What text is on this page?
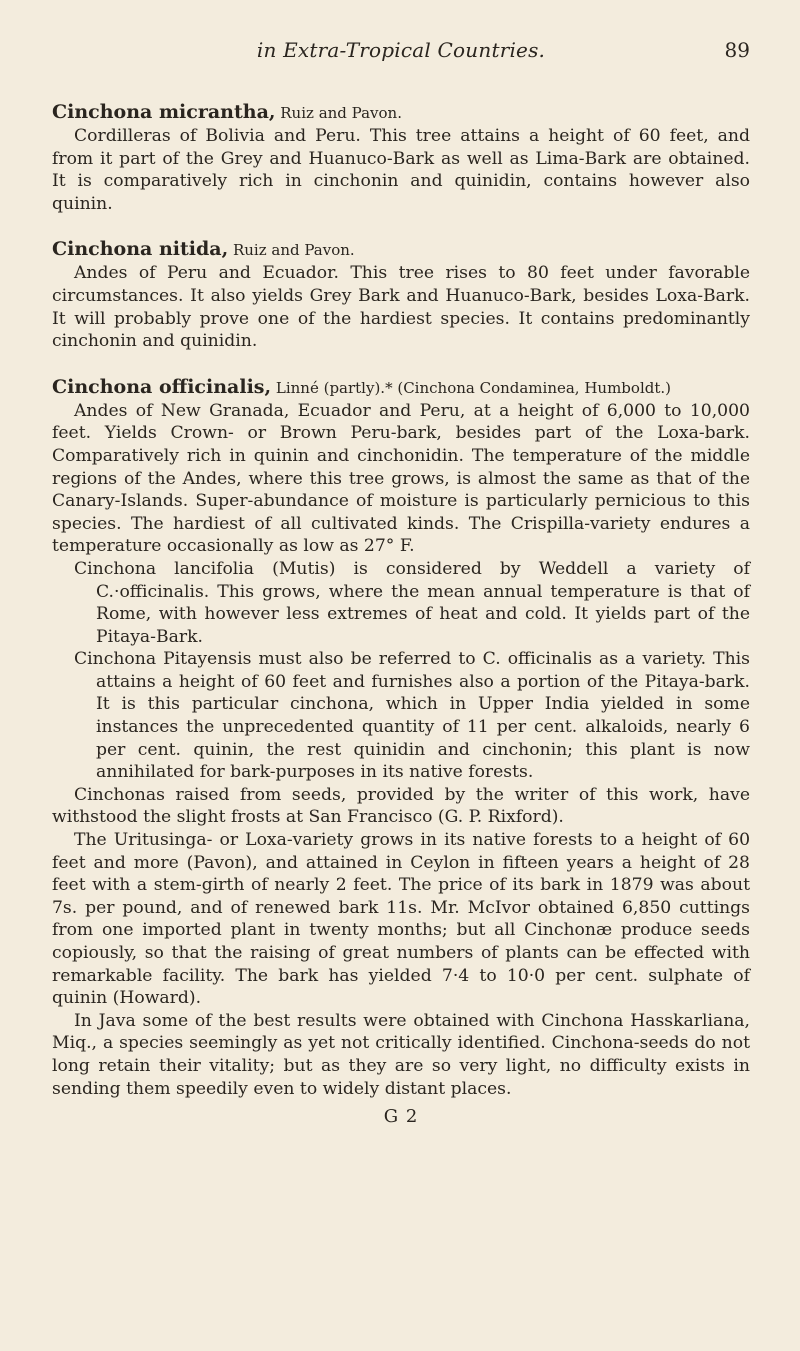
in Extra-Tropical Countries.	89

Cinchona micrantha, Ruiz and Pavon.

Cordilleras of Bolivia and Peru. This tree attains a height of 60 feet, and from it part of the Grey and Huanuco-Bark as well as Lima-Bark are obtained. It is comparatively rich in cinchonin and quinidin, contains however also quinin.

Cinchona nitida, Ruiz and Pavon.

Andes of Peru and Ecuador. This tree rises to 80 feet under favorable circumstances. It also yields Grey Bark and Huanuco-Bark, besides Loxa-Bark. It will probably prove one of the hardiest species. It contains predominantly cinchonin and quinidin.

Cinchona officinalis, Linné (partly).* (Cinchona Condaminea, Humboldt.)

Andes of New Granada, Ecuador and Peru, at a height of 6,000 to 10,000 feet. Yields Crown- or Brown Peru-bark, besides part of the Loxa-bark. Comparatively rich in quinin and cinchonidin. The temperature of the middle regions of the Andes, where this tree grows, is almost the same as that of the Canary-Islands. Super-abundance of moisture is particularly pernicious to this species. The hardiest of all cultivated kinds. The Crispilla-variety endures a temperature occasionally as low as 27° F.

Cinchona lancifolia (Mutis) is considered by Weddell a variety of C.·officinalis. This grows, where the mean annual temperature is that of Rome, with however less extremes of heat and cold. It yields part of the Pitaya-Bark.

Cinchona Pitayensis must also be referred to C. officinalis as a variety. This attains a height of 60 feet and furnishes also a portion of the Pitaya-bark. It is this particular cinchona, which in Upper India yielded in some instances the unprecedented quantity of 11 per cent. alkaloids, nearly 6 per cent. quinin, the rest quinidin and cinchonin; this plant is now annihilated for bark-purposes in its native forests.

Cinchonas raised from seeds, provided by the writer of this work, have withstood the slight frosts at San Francisco (G. P. Rixford).

The Uritusinga- or Loxa-variety grows in its native forests to a height of 60 feet and more (Pavon), and attained in Ceylon in fifteen years a height of 28 feet with a stem-girth of nearly 2 feet. The price of its bark in 1879 was about 7s. per pound, and of renewed bark 11s. Mr. McIvor obtained 6,850 cuttings from one imported plant in twenty months; but all Cinchonæ produce seeds copiously, so that the raising of great numbers of plants can be effected with remarkable facility. The bark has yielded 7·4 to 10·0 per cent. sulphate of quinin (Howard).

In Java some of the best results were obtained with Cinchona Hasskarliana, Miq., a species seemingly as yet not critically identified. Cinchona-seeds do not long retain their vitality; but as they are so very light, no difficulty exists in sending them speedily even to widely distant places.

G 2
